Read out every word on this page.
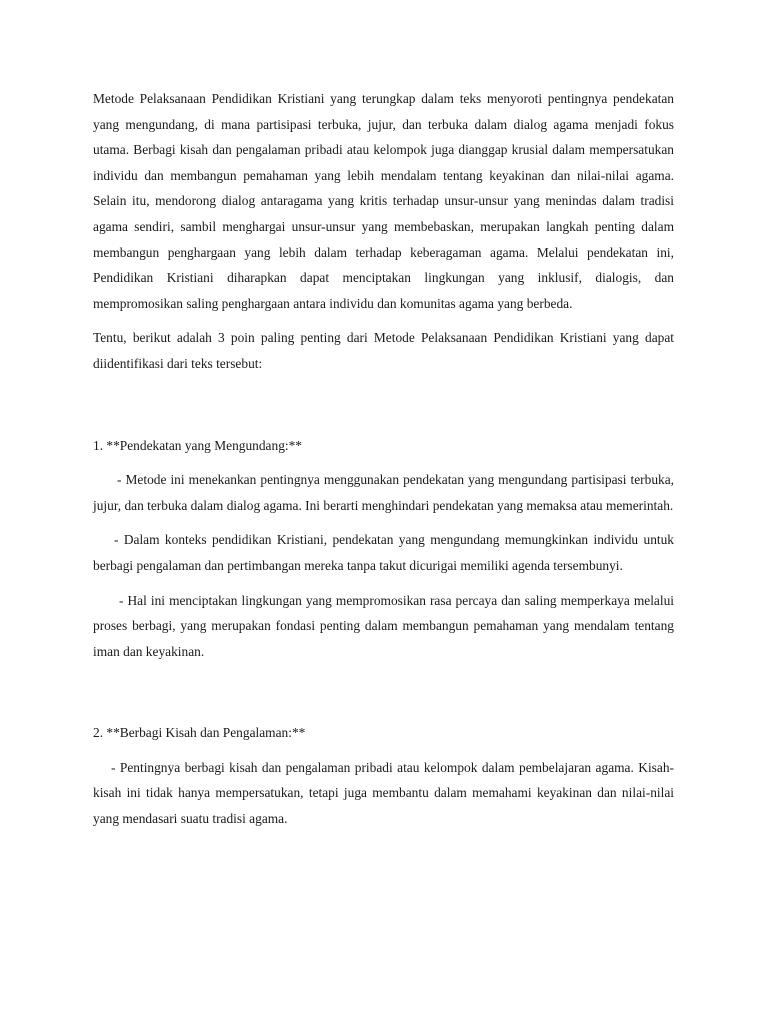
Metode Pelaksanaan Pendidikan Kristiani yang terungkap dalam teks menyoroti pentingnya pendekatan yang mengundang, di mana partisipasi terbuka, jujur, dan terbuka dalam dialog agama menjadi fokus utama. Berbagi kisah dan pengalaman pribadi atau kelompok juga dianggap krusial dalam mempersatukan individu dan membangun pemahaman yang lebih mendalam tentang keyakinan dan nilai-nilai agama. Selain itu, mendorong dialog antaragama yang kritis terhadap unsur-unsur yang menindas dalam tradisi agama sendiri, sambil menghargai unsur-unsur yang membebaskan, merupakan langkah penting dalam membangun penghargaan yang lebih dalam terhadap keberagaman agama. Melalui pendekatan ini, Pendidikan Kristiani diharapkan dapat menciptakan lingkungan yang inklusif, dialogis, dan mempromosikan saling penghargaan antara individu dan komunitas agama yang berbeda.

Tentu, berikut adalah 3 poin paling penting dari Metode Pelaksanaan Pendidikan Kristiani yang dapat diidentifikasi dari teks tersebut:

1. **Pendekatan yang Mengundang:**

- Metode ini menekankan pentingnya menggunakan pendekatan yang mengundang partisipasi terbuka, jujur, dan terbuka dalam dialog agama. Ini berarti menghindari pendekatan yang memaksa atau memerintah.

- Dalam konteks pendidikan Kristiani, pendekatan yang mengundang memungkinkan individu untuk berbagi pengalaman dan pertimbangan mereka tanpa takut dicurigai memiliki agenda tersembunyi.

- Hal ini menciptakan lingkungan yang mempromosikan rasa percaya dan saling memperkaya melalui proses berbagi, yang merupakan fondasi penting dalam membangun pemahaman yang mendalam tentang iman dan keyakinan.

2. **Berbagi Kisah dan Pengalaman:**

- Pentingnya berbagi kisah dan pengalaman pribadi atau kelompok dalam pembelajaran agama. Kisah-kisah ini tidak hanya mempersatukan, tetapi juga membantu dalam memahami keyakinan dan nilai-nilai yang mendasari suatu tradisi agama.
